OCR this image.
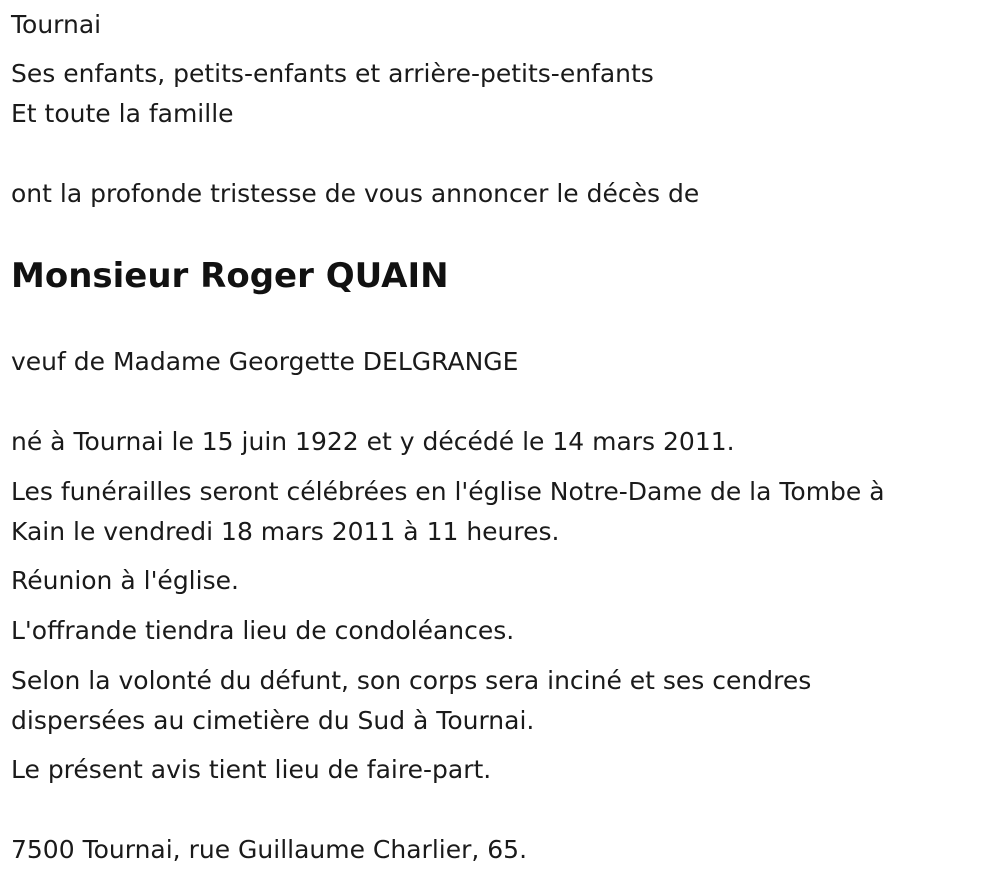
Tournai

Ses enfants, petits-enfants et arrière-petits-enfants

Et toute la famille

ont la profonde tristesse de vous annoncer le décès de

Monsieur Roger QUAIN

veuf de Madame Georgette DELGRANGE

né à Tournai le 15 juin 1922 et y décédé le 14 mars 2011.

Les funérailles seront célébrées en l'église Notre-Dame de la Tombe à

Kain le vendredi 18 mars 2011 à 11 heures.

Réunion à l'église.

L'offrande tiendra lieu de condoléances.

Selon la volonté du défunt, son corps sera inciné et ses cendres

dispersées au cimetière du Sud à Tournai.

Le présent avis tient lieu de faire-part.

7500 Tournai, rue Guillaume Charlier, 65.
